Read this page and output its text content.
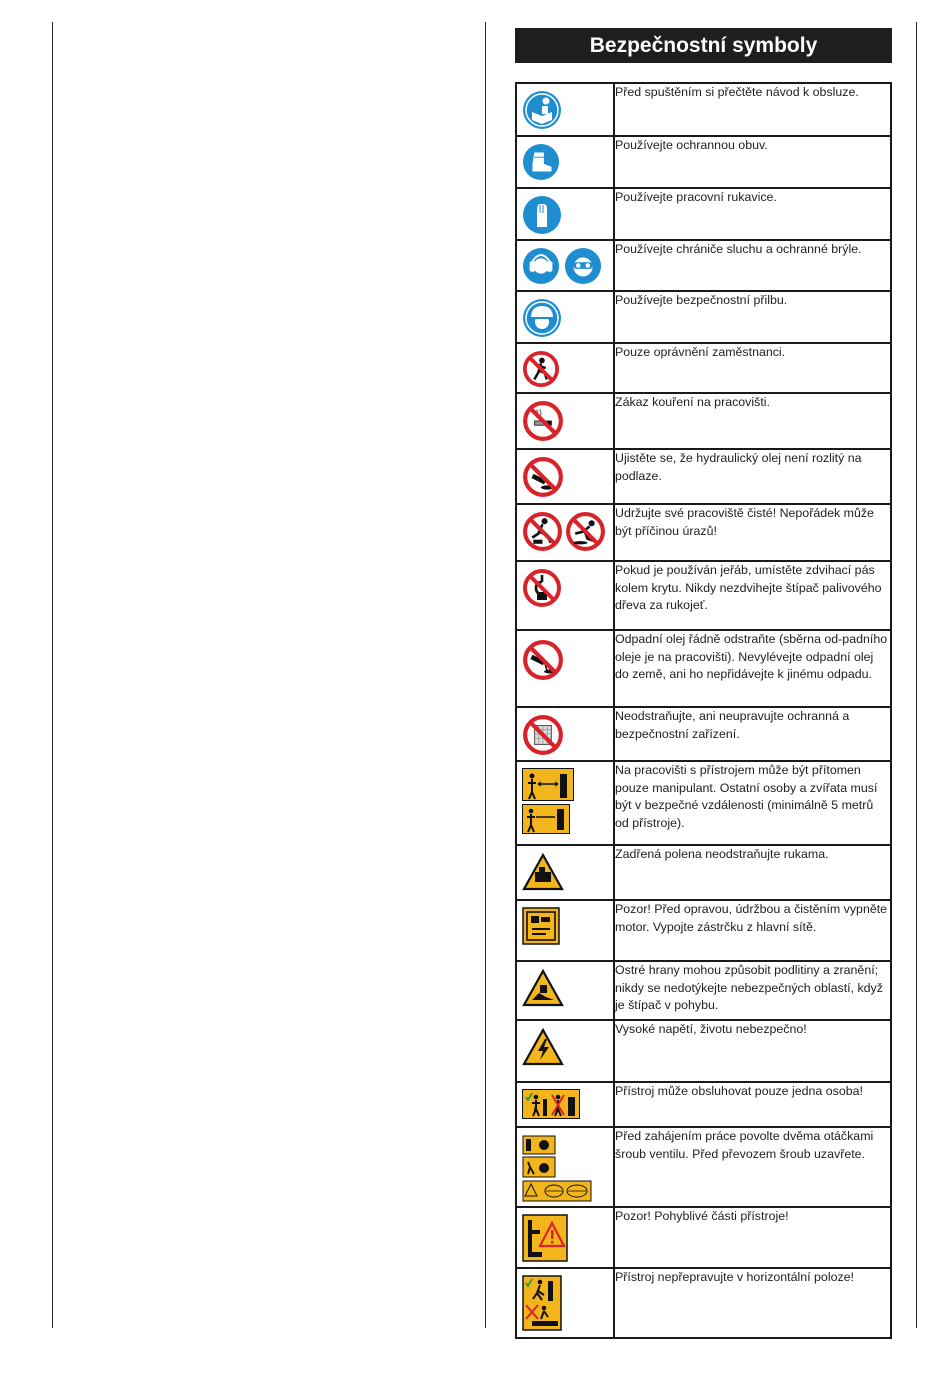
Bezpečnostní symboly
	Před spuštěním si přečtěte návod k obsluze.

	Používejte ochrannou obuv.

	Používejte pracovní rukavice.

	Používejte chrániče sluchu a ochranné brýle.

	Používejte bezpečnostní přilbu.

	Pouze oprávnění zaměstnanci.

	Zákaz kouření na pracovišti.

	Ujistěte se, že hydraulický olej není rozlitý na podlaze.

	Udržujte své pracoviště čisté! Nepořádek může být příčinou úrazů!

	Pokud je používán jeřáb, umístěte zdvihací pás kolem krytu. Nikdy nezdvihejte štípač palivového dřeva za rukojeť.

	Odpadní olej řádně odstraňte (sběrna od-padního oleje je na pracovišti). Nevylévejte odpadní olej do země, ani ho nepřidávejte k jinému odpadu.

	Neodstraňujte, ani neupravujte ochranná a bezpečnostní zařízení.

	Na pracovišti s přístrojem může být přítomen pouze manipulant. Ostatní osoby a zvířata musí být v bezpečné vzdálenosti (minimálně 5 metrů od přístroje).

	Zadřená polena neodstraňujte rukama.

	Pozor! Před opravou, údržbou a čistěním vypněte motor. Vypojte zástrčku z hlavní sítě.

	Ostré hrany mohou způsobit podlitiny a zranění; nikdy se nedotýkejte nebezpečných oblastí, když je štípač v pohybu.

	Vysoké napětí, životu nebezpečno!

	Přístroj může obsluhovat pouze jedna osoba!

	Před zahájením práce povolte dvěma otáčkami šroub ventilu. Před převozem šroub uzavřete.

	Pozor! Pohyblivé části přístroje!

	Přístroj nepřepravujte v horizontální poloze!
